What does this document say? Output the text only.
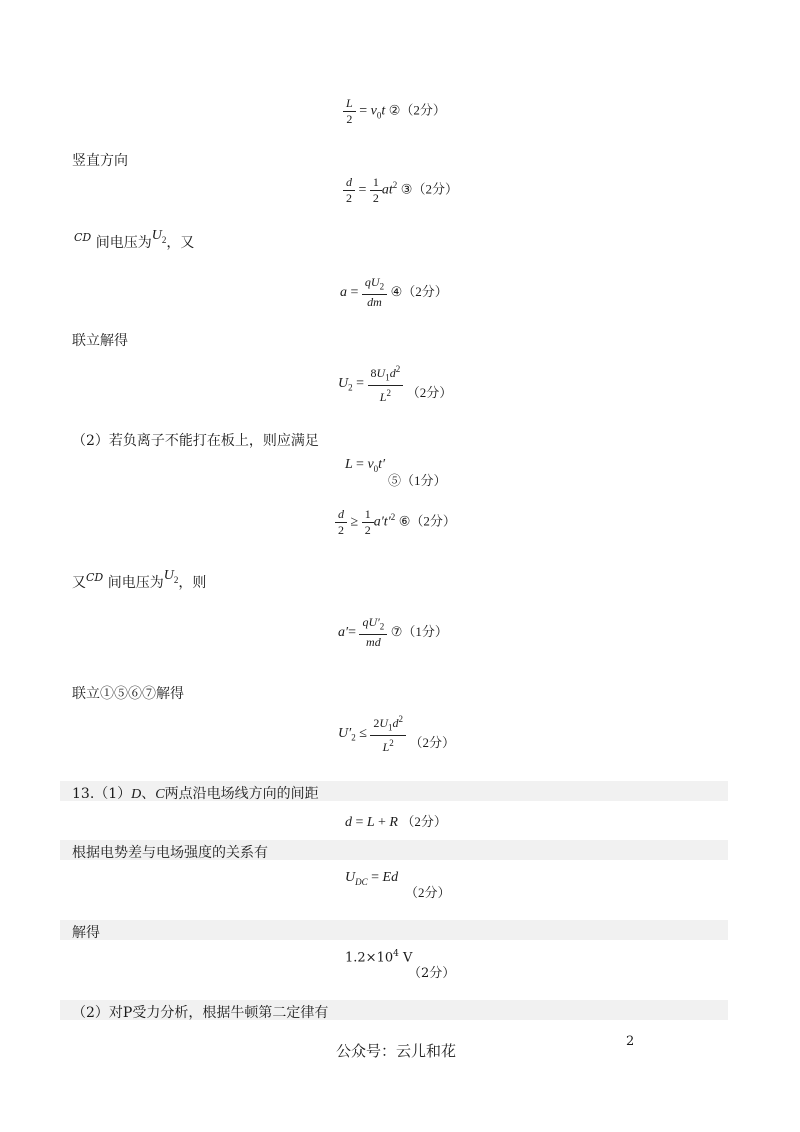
$\frac{L}{2} = v_0t$ ②（2分）
竖直方向
$\frac{d}{2} = \frac{1}{2} at^2$ ③（2分）
$^{CD}$ 间电压为$U_2$，又
$a = \frac{qU_2}{dm}$ ④（2分）
联立解得
$U_2 = \frac{8U_1d^2}{L^2} (2$分）
（2）若负离子不能打在板上，则应满足
$L = v_0t'$
⑤（1分）
$\frac{d}{2} \ge \frac{1}{2} a't'^2$ ⑥（2分）
又$^{CD}$ 间电压为$U_2$，则
$a'= \frac{qU'_2}{md}$ ⑦（1分）
联立①⑤⑥⑦解得
$U'_2 \le \frac{2U_1d^2}{L^2} (2$分）
13.（1）D、C两点沿电场线方向的间距
d = L + R （2分）
根据电势差与电场强度的关系有
$U_{DC} = Ed$
（2分）
解得
$1.2\times 10^4$ V
（2分）
（2）对P受力分析，根据牛顿第二定律有
公众号：云儿和花
2
